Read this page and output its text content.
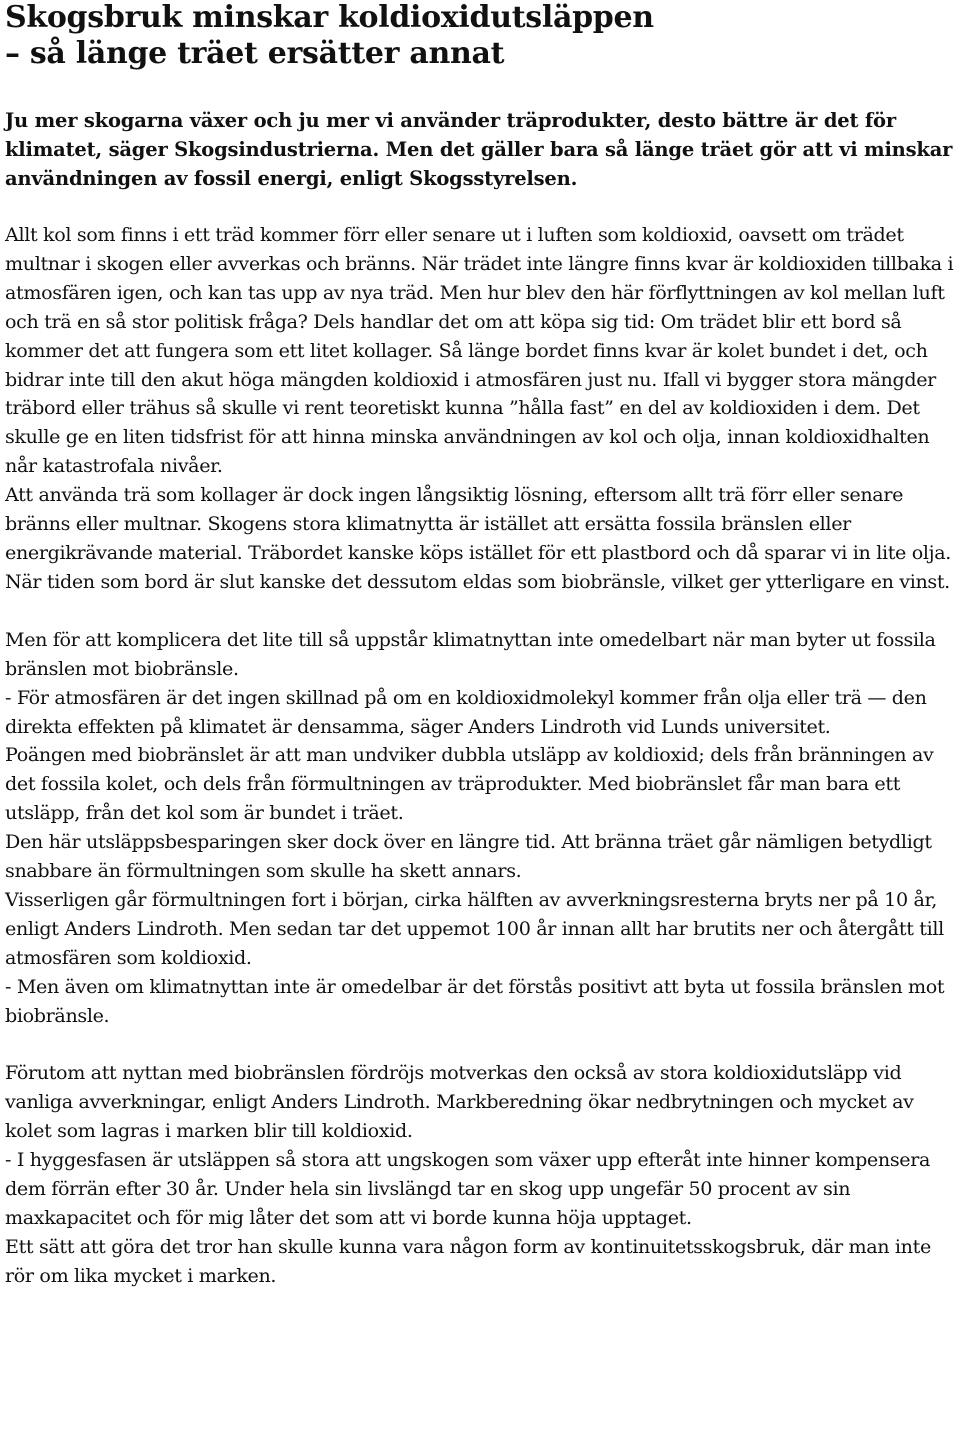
Skogsbruk minskar koldioxidutsläppen
– så länge träet ersätter annat

Ju mer skogarna växer och ju mer vi använder träprodukter, desto bättre är det för klimatet, säger Skogsindustrierna. Men det gäller bara så länge träet gör att vi minskar användningen av fossil energi, enligt Skogsstyrelsen.

Allt kol som finns i ett träd kommer förr eller senare ut i luften som koldioxid, oavsett om trädet multnar i skogen eller avverkas och bränns. När trädet inte längre finns kvar är koldioxiden tillbaka i atmosfären igen, och kan tas upp av nya träd. Men hur blev den här förflyttningen av kol mellan luft och trä en så stor politisk fråga? Dels handlar det om att köpa sig tid: Om trädet blir ett bord så kommer det att fungera som ett litet kollager. Så länge bordet finns kvar är kolet bundet i det, och bidrar inte till den akut höga mängden koldioxid i atmosfären just nu. Ifall vi bygger stora mängder träbord eller trähus så skulle vi rent teoretiskt kunna ”hålla fast” en del av koldioxiden i dem. Det skulle ge en liten tidsfrist för att hinna minska användningen av kol och olja, innan koldioxidhalten når katastrofala nivåer.

Att använda trä som kollager är dock ingen långsiktig lösning, eftersom allt trä förr eller senare bränns eller multnar. Skogens stora klimatnytta är istället att ersätta fossila bränslen eller energikrävande material. Träbordet kanske köps istället för ett plastbord och då sparar vi in lite olja. När tiden som bord är slut kanske det dessutom eldas som biobränsle, vilket ger ytterligare en vinst.

Men för att komplicera det lite till så uppstår klimatnyttan inte omedelbart när man byter ut fossila bränslen mot biobränsle.

- För atmosfären är det ingen skillnad på om en koldioxidmolekyl kommer från olja eller trä — den direkta effekten på klimatet är densamma, säger Anders Lindroth vid Lunds universitet.

Poängen med biobränslet är att man undviker dubbla utsläpp av koldioxid; dels från bränningen av det fossila kolet, och dels från förmultningen av träprodukter. Med biobränslet får man bara ett utsläpp, från det kol som är bundet i träet.

Den här utsläppsbesparingen sker dock över en längre tid. Att bränna träet går nämligen betydligt snabbare än förmultningen som skulle ha skett annars.

Visserligen går förmultningen fort i början, cirka hälften av avverkningsresterna bryts ner på 10 år, enligt Anders Lindroth. Men sedan tar det uppemot 100 år innan allt har brutits ner och återgått till atmosfären som koldioxid.

- Men även om klimatnyttan inte är omedelbar är det förstås positivt att byta ut fossila bränslen mot biobränsle.

Förutom att nyttan med biobränslen fördröjs motverkas den också av stora koldioxidutsläpp vid vanliga avverkningar, enligt Anders Lindroth. Markberedning ökar nedbrytningen och mycket av kolet som lagras i marken blir till koldioxid.

- I hyggesfasen är utsläppen så stora att ungskogen som växer upp efteråt inte hinner kompensera dem förrän efter 30 år. Under hela sin livslängd tar en skog upp ungefär 50 procent av sin maxkapacitet och för mig låter det som att vi borde kunna höja upptaget.

Ett sätt att göra det tror han skulle kunna vara någon form av kontinuitetsskogsbruk, där man inte rör om lika mycket i marken.
